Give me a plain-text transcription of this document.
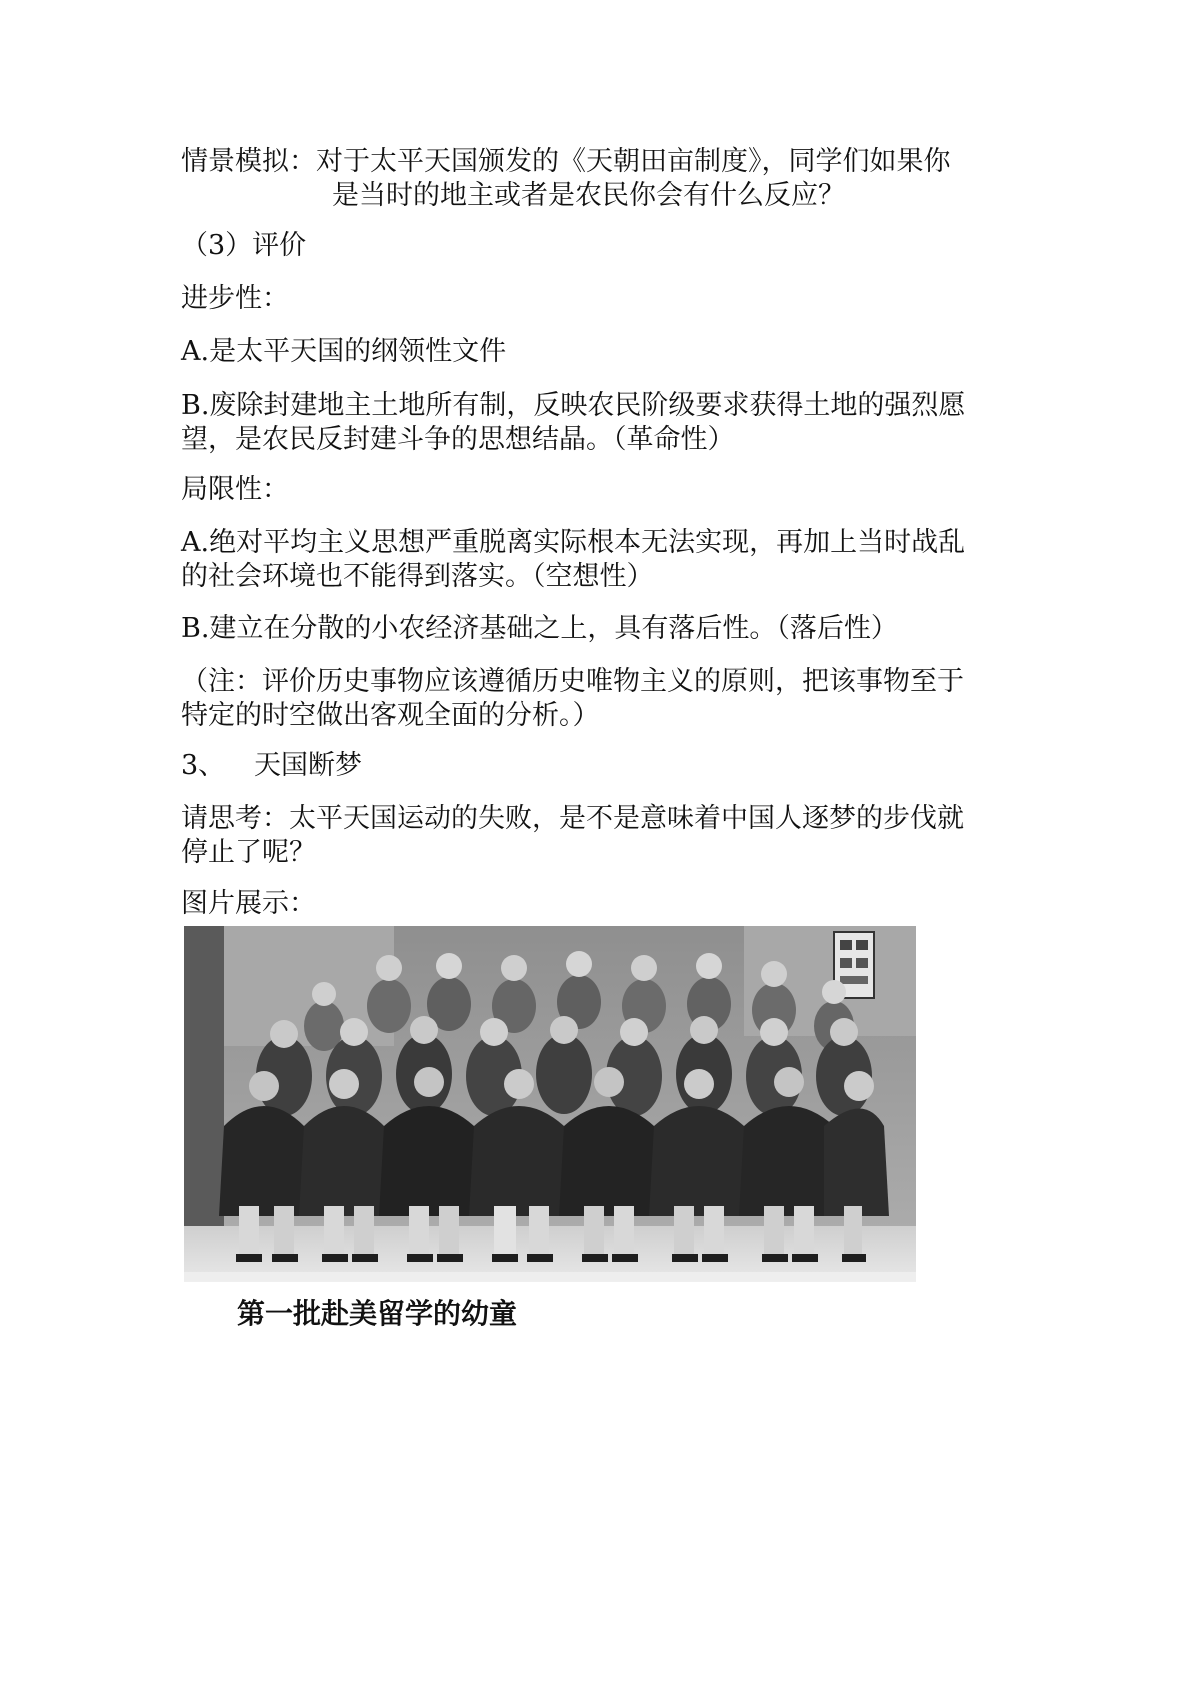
情景模拟：对于太平天国颁发的《天朝田亩制度》，同学们如果你
是当时的地主或者是农民你会有什么反应？
（3）评价
进步性：
A.是太平天国的纲领性文件
B.废除封建地主土地所有制，反映农民阶级要求获得土地的强烈愿
望，是农民反封建斗争的思想结晶。（革命性）
局限性：
A.绝对平均主义思想严重脱离实际根本无法实现，再加上当时战乱
的社会环境也不能得到落实。（空想性）
B.建立在分散的小农经济基础之上，具有落后性。（落后性）
（注：评价历史事物应该遵循历史唯物主义的原则，把该事物至于
特定的时空做出客观全面的分析。）
3、 天国断梦
请思考：太平天国运动的失败，是不是意味着中国人逐梦的步伐就
停止了呢？
图片展示：
第一批赴美留学的幼童
